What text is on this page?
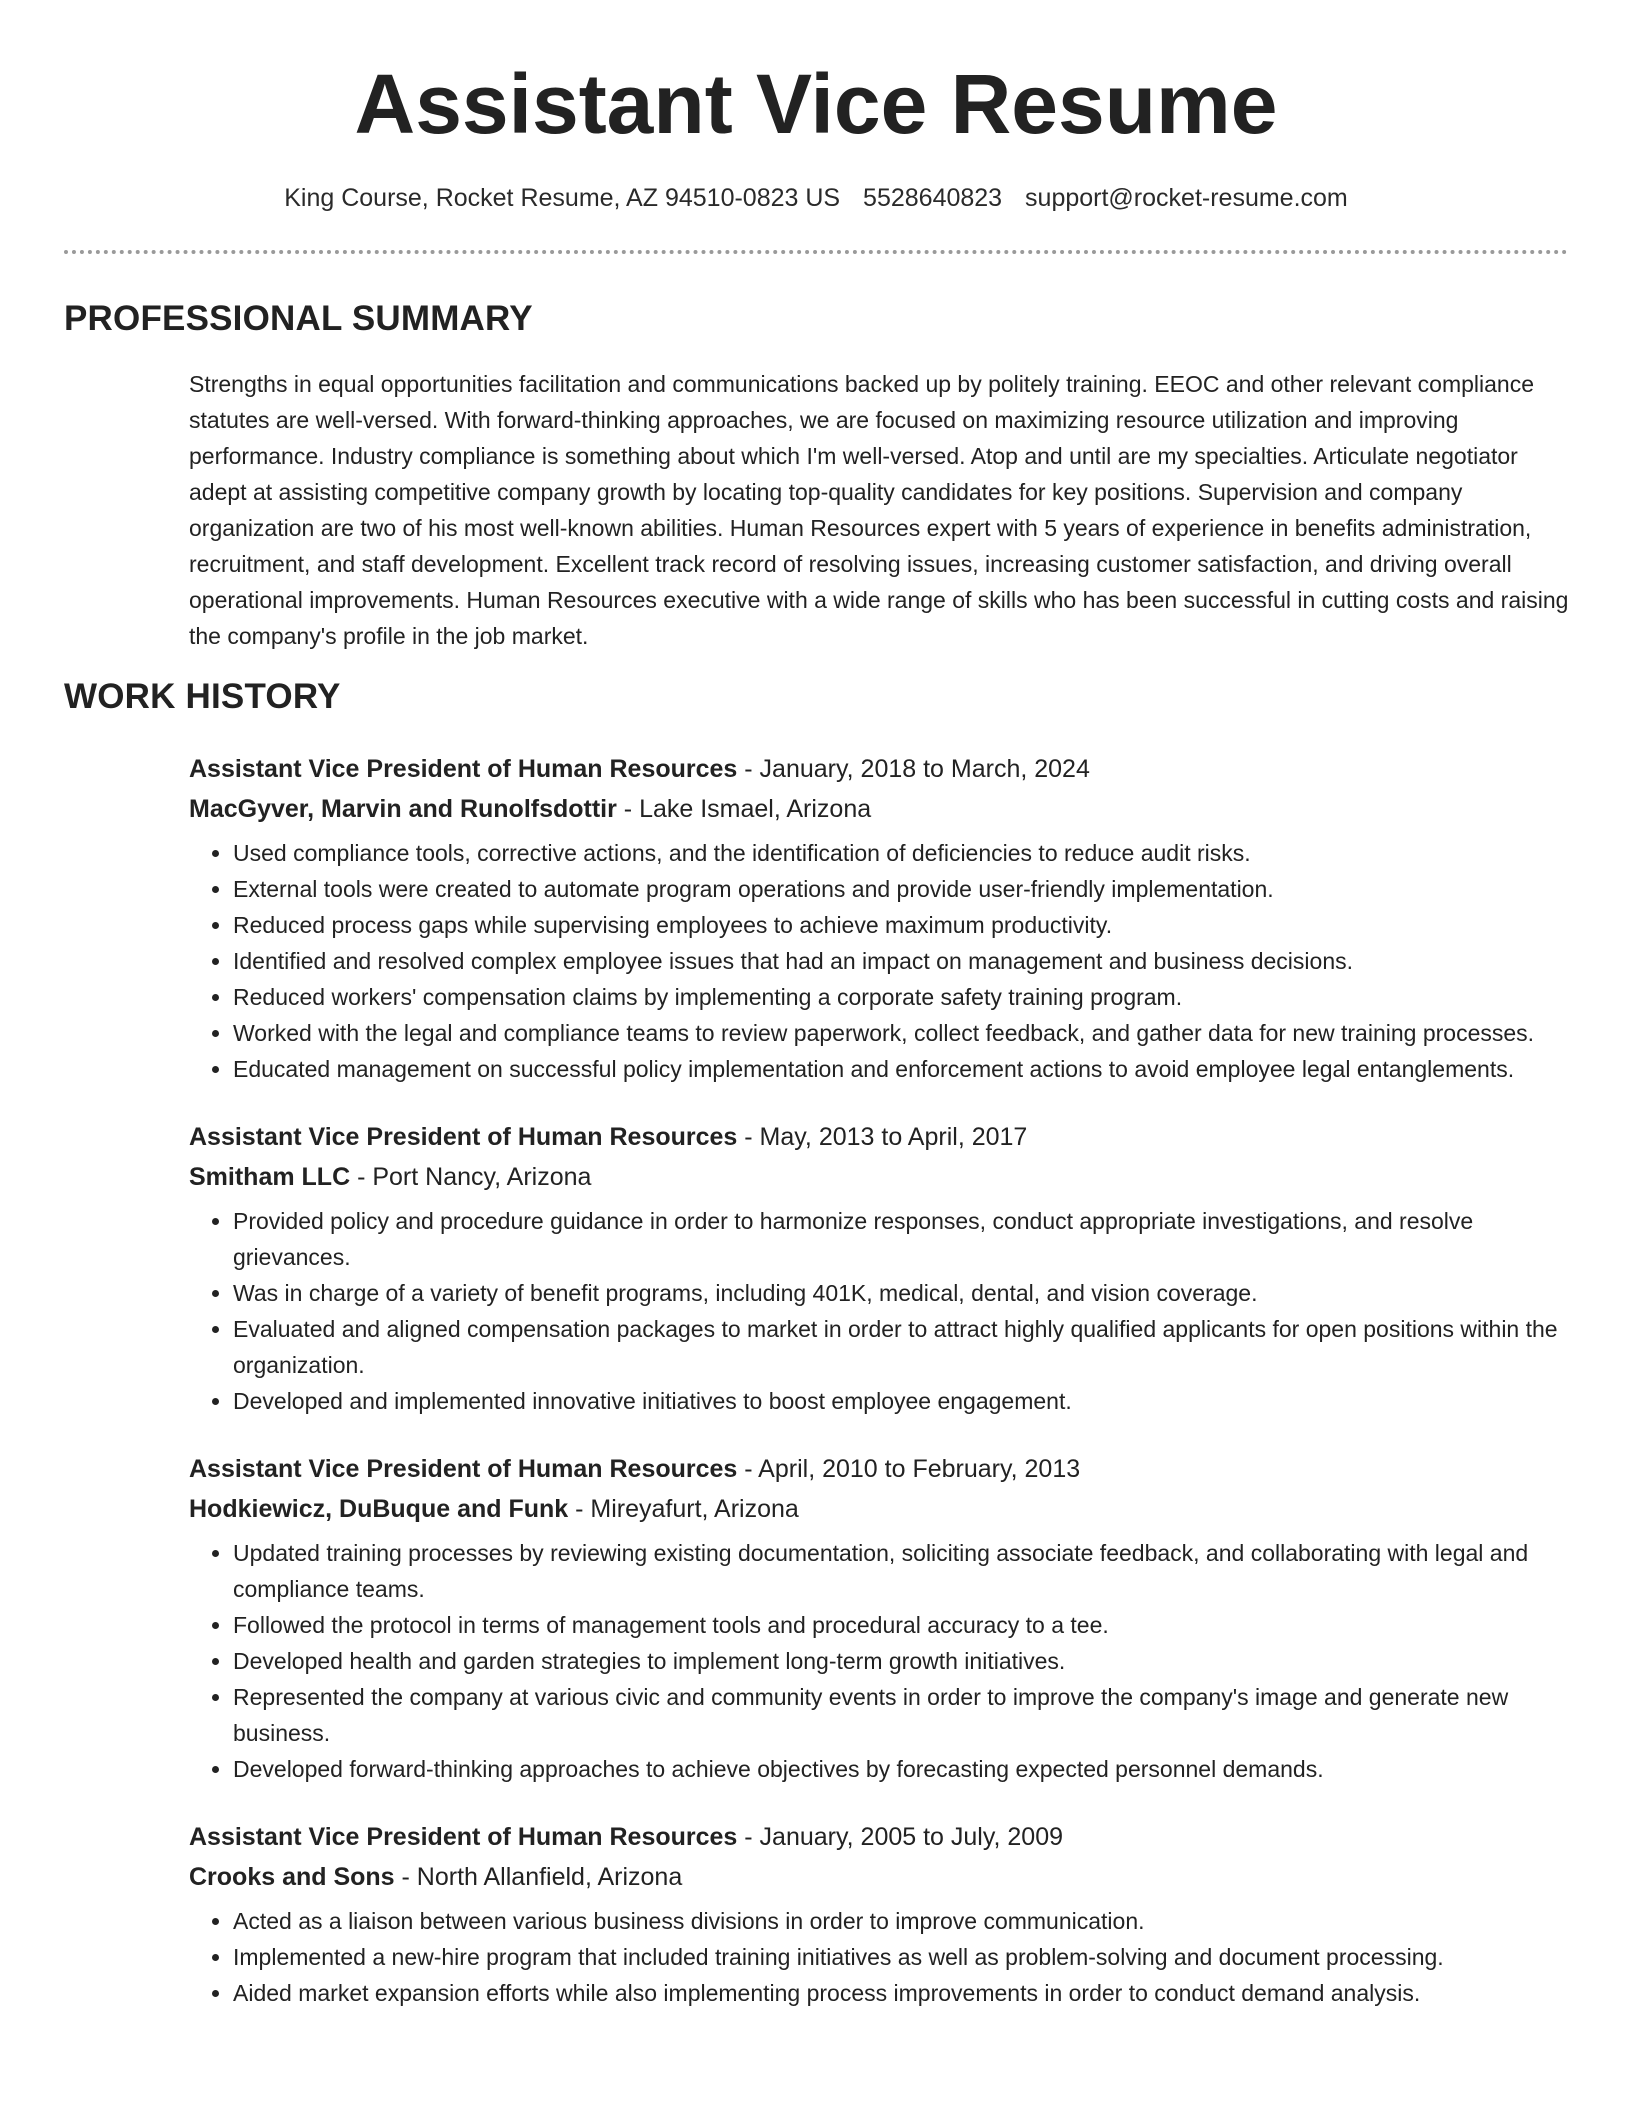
Assistant Vice Resume
King Course, Rocket Resume, AZ 94510-0823 US 5528640823 support@rocket-resume.com
PROFESSIONAL SUMMARY

Strengths in equal opportunities facilitation and communications backed up by politely training. EEOC and other relevant compliance statutes are well-versed. With forward-thinking approaches, we are focused on maximizing resource utilization and improving performance. Industry compliance is something about which I'm well-versed. Atop and until are my specialties. Articulate negotiator adept at assisting competitive company growth by locating top-quality candidates for key positions. Supervision and company organization are two of his most well-known abilities. Human Resources expert with 5 years of experience in benefits administration, recruitment, and staff development. Excellent track record of resolving issues, increasing customer satisfaction, and driving overall operational improvements. Human Resources executive with a wide range of skills who has been successful in cutting costs and raising the company's profile in the job market.

WORK HISTORY
Assistant Vice President of Human Resources - January, 2018 to March, 2024
MacGyver, Marvin and Runolfsdottir - Lake Ismael, Arizona
• Used compliance tools, corrective actions, and the identification of deficiencies to reduce audit risks.
• External tools were created to automate program operations and provide user-friendly implementation.
• Reduced process gaps while supervising employees to achieve maximum productivity.
• Identified and resolved complex employee issues that had an impact on management and business decisions.
• Reduced workers' compensation claims by implementing a corporate safety training program.
• Worked with the legal and compliance teams to review paperwork, collect feedback, and gather data for new training processes.
• Educated management on successful policy implementation and enforcement actions to avoid employee legal entanglements.
Assistant Vice President of Human Resources - May, 2013 to April, 2017
Smitham LLC - Port Nancy, Arizona
• Provided policy and procedure guidance in order to harmonize responses, conduct appropriate investigations, and resolve grievances.
• Was in charge of a variety of benefit programs, including 401K, medical, dental, and vision coverage.
• Evaluated and aligned compensation packages to market in order to attract highly qualified applicants for open positions within the organization.
• Developed and implemented innovative initiatives to boost employee engagement.
Assistant Vice President of Human Resources - April, 2010 to February, 2013
Hodkiewicz, DuBuque and Funk - Mireyafurt, Arizona
• Updated training processes by reviewing existing documentation, soliciting associate feedback, and collaborating with legal and compliance teams.
• Followed the protocol in terms of management tools and procedural accuracy to a tee.
• Developed health and garden strategies to implement long-term growth initiatives.
• Represented the company at various civic and community events in order to improve the company's image and generate new business.
• Developed forward-thinking approaches to achieve objectives by forecasting expected personnel demands.
Assistant Vice President of Human Resources - January, 2005 to July, 2009
Crooks and Sons - North Allanfield, Arizona
• Acted as a liaison between various business divisions in order to improve communication.
• Implemented a new-hire program that included training initiatives as well as problem-solving and document processing.
• Aided market expansion efforts while also implementing process improvements in order to conduct demand analysis.
